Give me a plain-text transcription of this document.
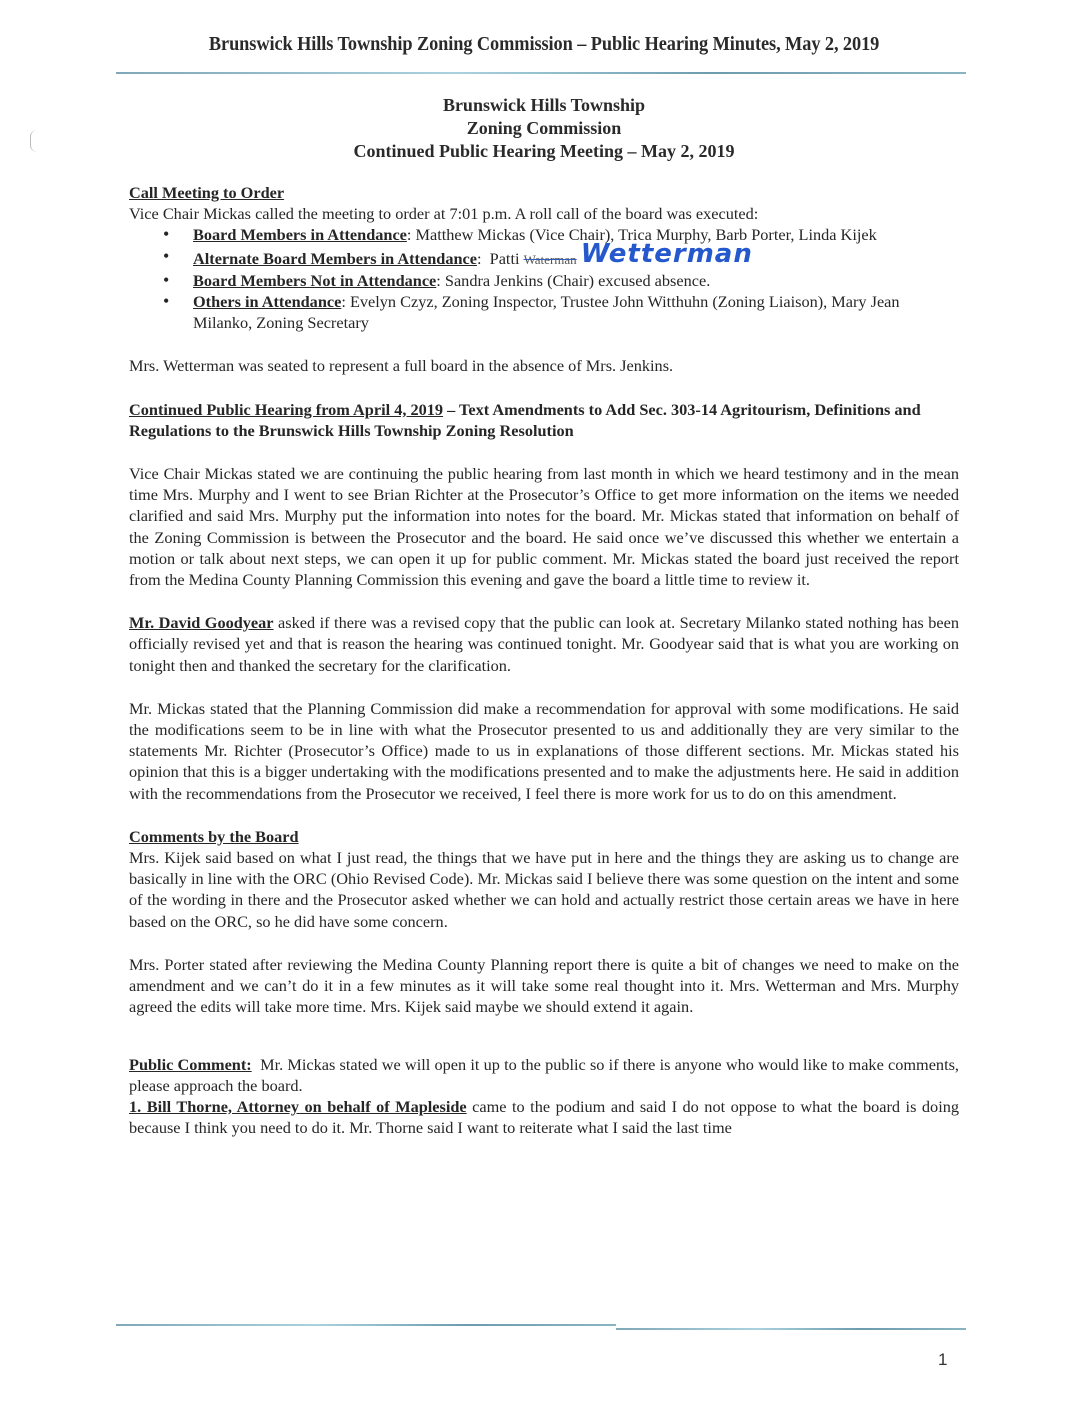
Brunswick Hills Township Zoning Commission – Public Hearing Minutes, May 2, 2019
Brunswick Hills Township
Zoning Commission
Continued Public Hearing Meeting – May 2, 2019
Call Meeting to Order

Vice Chair Mickas called the meeting to order at 7:01 p.m. A roll call of the board was executed:

• Board Members in Attendance: Matthew Mickas (Vice Chair), Trica Murphy, Barb Porter, Linda Kijek
• Alternate Board Members in Attendance:  Patti Waterman Wetterman
• Board Members Not in Attendance: Sandra Jenkins (Chair) excused absence.
• Others in Attendance: Evelyn Czyz, Zoning Inspector, Trustee John Witthuhn (Zoning Liaison), Mary Jean Milanko, Zoning Secretary

Mrs. Wetterman was seated to represent a full board in the absence of Mrs. Jenkins.

Continued Public Hearing from April 4, 2019 – Text Amendments to Add Sec. 303-14 Agritourism, Definitions and Regulations to the Brunswick Hills Township Zoning Resolution

Vice Chair Mickas stated we are continuing the public hearing from last month in which we heard testimony and in the mean time Mrs. Murphy and I went to see Brian Richter at the Prosecutor’s Office to get more information on the items we needed clarified and said Mrs. Murphy put the information into notes for the board. Mr. Mickas stated that information on behalf of the Zoning Commission is between the Prosecutor and the board. He said once we’ve discussed this whether we entertain a motion or talk about next steps, we can open it up for public comment. Mr. Mickas stated the board just received the report from the Medina County Planning Commission this evening and gave the board a little time to review it.

Mr. David Goodyear asked if there was a revised copy that the public can look at. Secretary Milanko stated nothing has been officially revised yet and that is reason the hearing was continued tonight. Mr. Goodyear said that is what you are working on tonight then and thanked the secretary for the clarification.

Mr. Mickas stated that the Planning Commission did make a recommendation for approval with some modifications. He said the modifications seem to be in line with what the Prosecutor presented to us and additionally they are very similar to the statements Mr. Richter (Prosecutor’s Office) made to us in explanations of those different sections. Mr. Mickas stated his opinion that this is a bigger undertaking with the modifications presented and to make the adjustments here. He said in addition with the recommendations from the Prosecutor we received, I feel there is more work for us to do on this amendment.

Comments by the Board

Mrs. Kijek said based on what I just read, the things that we have put in here and the things they are asking us to change are basically in line with the ORC (Ohio Revised Code). Mr. Mickas said I believe there was some question on the intent and some of the wording in there and the Prosecutor asked whether we can hold and actually restrict those certain areas we have in here based on the ORC, so he did have some concern.

Mrs. Porter stated after reviewing the Medina County Planning report there is quite a bit of changes we need to make on the amendment and we can’t do it in a few minutes as it will take some real thought into it. Mrs. Wetterman and Mrs. Murphy agreed the edits will take more time. Mrs. Kijek said maybe we should extend it again.

Public Comment:  Mr. Mickas stated we will open it up to the public so if there is anyone who would like to make comments, please approach the board.

1. Bill Thorne, Attorney on behalf of Mapleside came to the podium and said I do not oppose to what the board is doing because I think you need to do it. Mr. Thorne said I want to reiterate what I said the last time

1
